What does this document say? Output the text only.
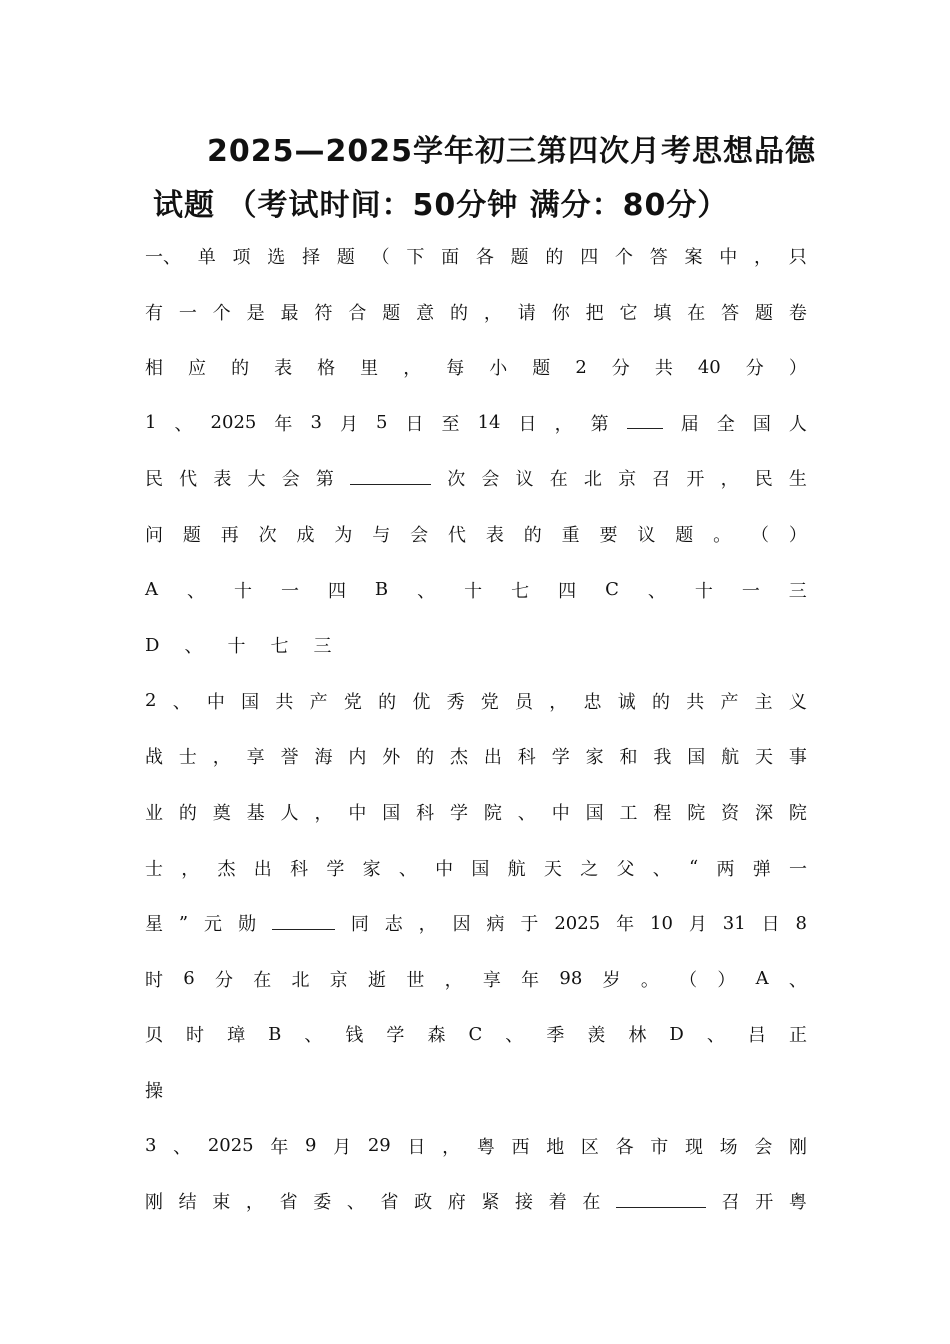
2025—2025学年初三第四次月考思想品德
试题 （考试时间：50分钟 满分：80分）
一、 单 项 选 择 题 （ 下 面 各 题 的 四 个 答 案 中 ， 只
有 一 个 是 最 符 合 题 意 的 ， 请 你 把 它 填 在 答 题 卷
相 应 的 表 格 里 ， 每 小 题 2 分 共 40 分 ）
1 、 2025 年 3 月 5 日 至 14 日 ， 第	届 全 国 人
民 代 表 大 会 第	次 会 议 在 北 京 召 开 ， 民 生
问 题 再 次 成 为 与 会 代 表 的 重 要 议 题 。 （ ）
A 、 十 一 四 B 、 十 七 四 C 、 十 一 三
D 、 十 七 三
2 、 中 国 共 产 党 的 优 秀 党 员 ， 忠 诚 的 共 产 主 义
战 士 ， 享 誉 海 内 外 的 杰 出 科 学 家 和 我 国 航 天 事
业 的 奠 基 人 ， 中 国 科 学 院 、 中 国 工 程 院 资 深 院
士 ， 杰 出 科 学 家 、 中 国 航 天 之 父 、 “ 两 弹 一
星 ” 元 勋	同 志 ， 因 病 于 2025 年 10 月 31 日 8
时 6 分 在 北 京 逝 世 ， 享 年 98 岁 。 （ ） A 、
贝 时 璋 B 、 钱 学 森 C 、 季 羡 林 D 、 吕 正
操
3 、 2025 年 9 月 29 日 ， 粤 西 地 区 各 市 现 场 会 刚
刚 结 束 ， 省 委 、 省 政 府 紧 接 着 在	召 开 粤
